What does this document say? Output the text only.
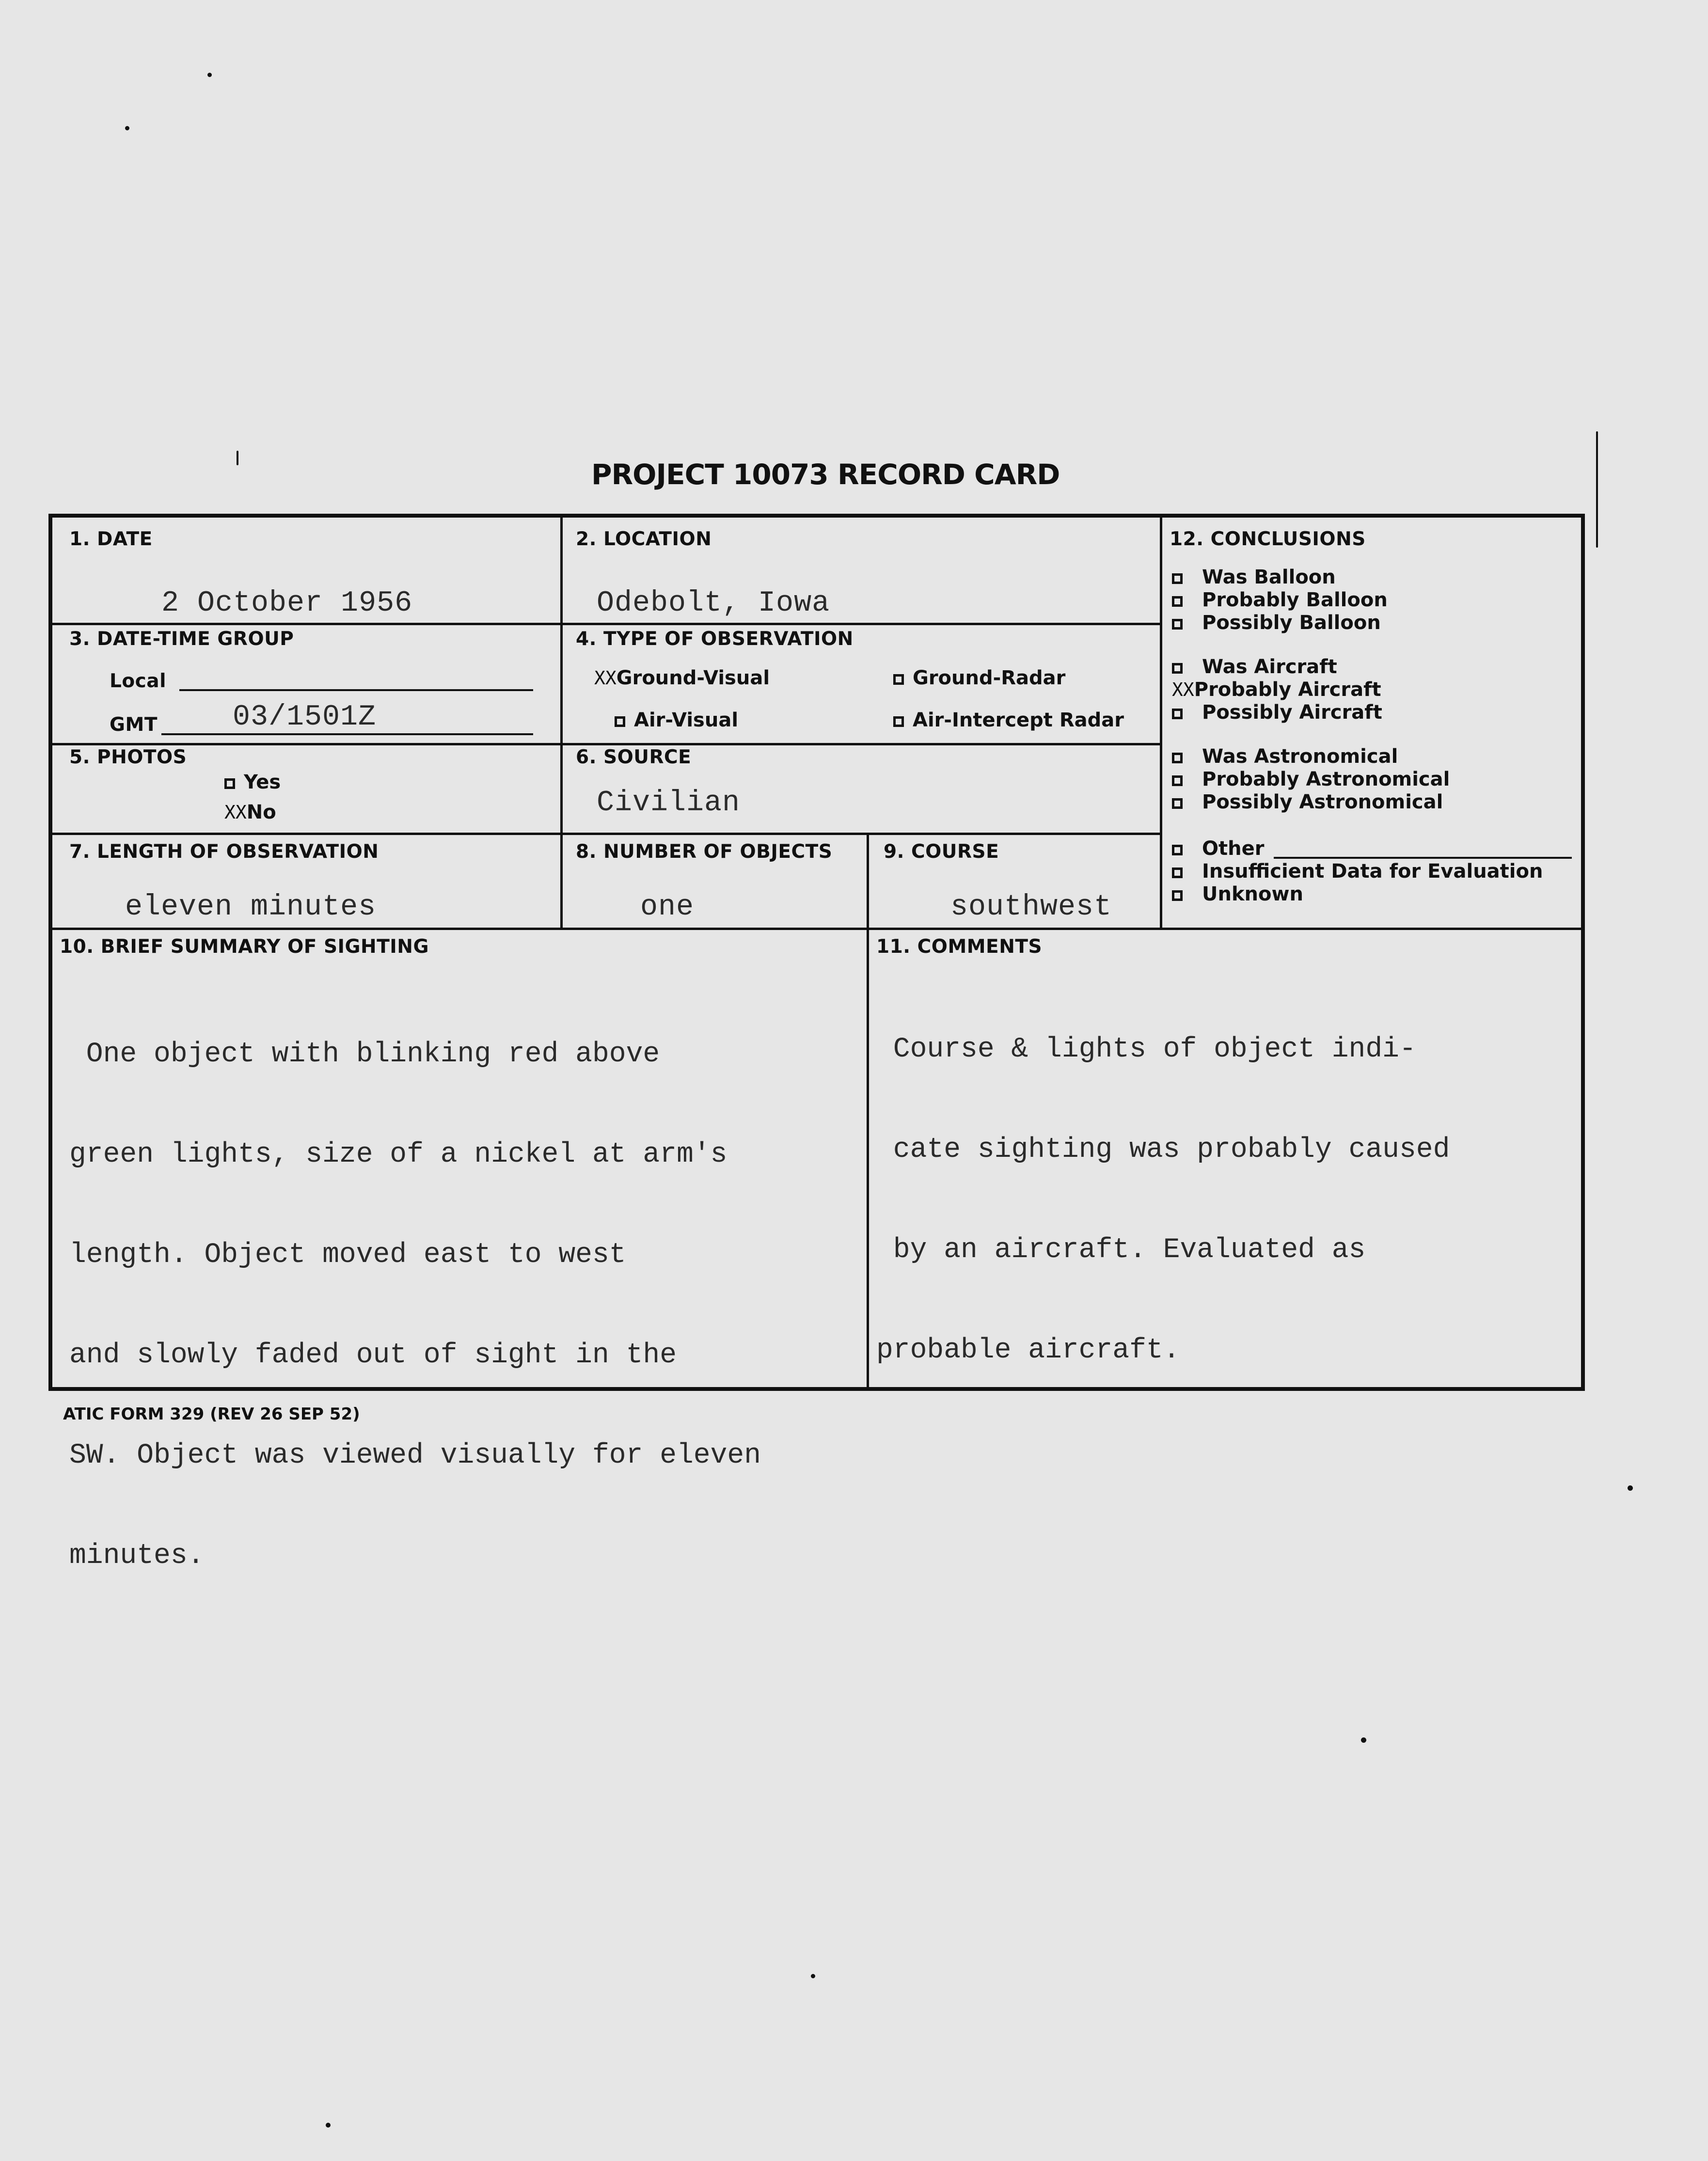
PROJECT 10073 RECORD CARD
1. DATE
2 October 1956
2. LOCATION
Odebolt, Iowa
3. DATE-TIME GROUP
Local
GMT	03/1501Z
4. TYPE OF OBSERVATION
XXGround-Visual	Ground-Radar
Air-Visual	Air-Intercept Radar
5. PHOTOS
Yes
XXNo
6. SOURCE
Civilian
7. LENGTH OF OBSERVATION
eleven minutes
8. NUMBER OF OBJECTS
one
9. COURSE
southwest
10. BRIEF SUMMARY OF SIGHTING

One object with blinking red above

green lights, size of a nickel at arm's

length. Object moved east to west

and slowly faded out of sight in the

SW. Object was viewed visually for eleven

minutes.

11. COMMENTS

Course & lights of object indi-

cate sighting was probably caused

by an aircraft. Evaluated as

probable aircraft.

12. CONCLUSIONS
Was Balloon
Probably Balloon
Possibly Balloon
Was Aircraft
XXProbably Aircraft
Possibly Aircraft
Was Astronomical
Probably Astronomical
Possibly Astronomical
Other
Insufficient Data for Evaluation
Unknown
ATIC FORM 329 (REV 26 SEP 52)
